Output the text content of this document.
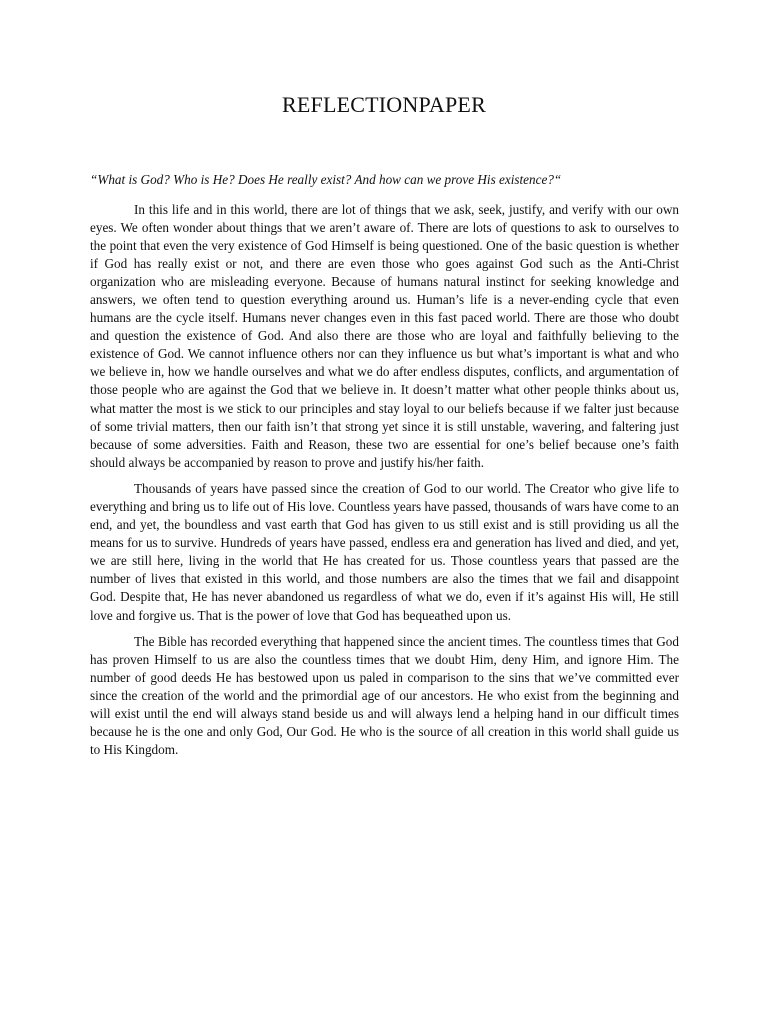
REFLECTIONPAPER

“What is God? Who is He? Does He really exist? And how can we prove His existence?“

In this life and in this world, there are lot of things that we ask, seek, justify, and verify with our own eyes. We often wonder about things that we aren’t aware of. There are lots of questions to ask to ourselves to the point that even the very existence of God Himself is being questioned. One of the basic question is whether if God has really exist or not, and there are even those who goes against God such as the Anti-Christ organization who are misleading everyone. Because of humans natural instinct for seeking knowledge and answers, we often tend to question everything around us. Human’s life is a never-ending cycle that even humans are the cycle itself. Humans never changes even in this fast paced world. There are those who doubt and question the existence of God. And also there are those who are loyal and faithfully believing to the existence of God. We cannot influence others nor can they influence us but what’s important is what and who we believe in, how we handle ourselves and what we do after endless disputes, conflicts, and argumentation of those people who are against the God that we believe in. It doesn’t matter what other people thinks about us, what matter the most is we stick to our principles and stay loyal to our beliefs because if we falter just because of some trivial matters, then our faith isn’t that strong yet since it is still unstable, wavering, and faltering just because of some adversities. Faith and Reason, these two are essential for one’s belief because one’s faith should always be accompanied by reason to prove and justify his/her faith.

Thousands of years have passed since the creation of God to our world. The Creator who give life to everything and bring us to life out of His love. Countless years have passed, thousands of wars have come to an end, and yet, the boundless and vast earth that God has given to us still exist and is still providing us all the means for us to survive. Hundreds of years have passed, endless era and generation has lived and died, and yet, we are still here, living in the world that He has created for us. Those countless years that passed are the number of lives that existed in this world, and those numbers are also the times that we fail and disappoint God. Despite that, He has never abandoned us regardless of what we do, even if it’s against His will, He still love and forgive us. That is the power of love that God has bequeathed upon us.

The Bible has recorded everything that happened since the ancient times. The countless times that God has proven Himself to us are also the countless times that we doubt Him, deny Him, and ignore Him. The number of good deeds He has bestowed upon us paled in comparison to the sins that we’ve committed ever since the creation of the world and the primordial age of our ancestors. He who exist from the beginning and will exist until the end will always stand beside us and will always lend a helping hand in our difficult times because he is the one and only God, Our God. He who is the source of all creation in this world shall guide us to His Kingdom.
